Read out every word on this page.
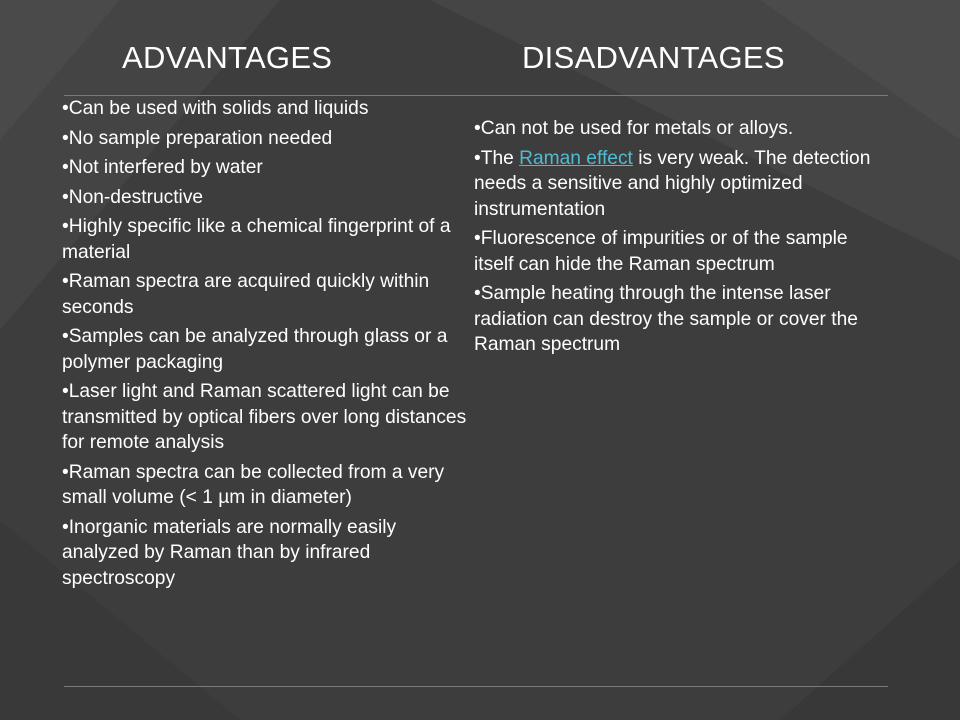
ADVANTAGES	DISADVANTAGES
• Can be used with solids and liquids
• No sample preparation needed
• Not interfered by water
• Non-destructive
• Highly specific like a chemical fingerprint of a material
• Raman spectra are acquired quickly within seconds
• Samples can be analyzed through glass or a polymer packaging
• Laser light and Raman scattered light can be transmitted by optical fibers over long distances for remote analysis
• Raman spectra can be collected from a very small volume (< 1 µm in diameter)
• Inorganic materials are normally easily analyzed by Raman than by infrared spectroscopy
• Can not be used for metals or alloys.
• The Raman effect is very weak. The detection needs a sensitive and highly optimized instrumentation
• Fluorescence of impurities or of the sample itself can hide the Raman spectrum
• Sample heating through the intense laser radiation can destroy the sample or cover the Raman spectrum
